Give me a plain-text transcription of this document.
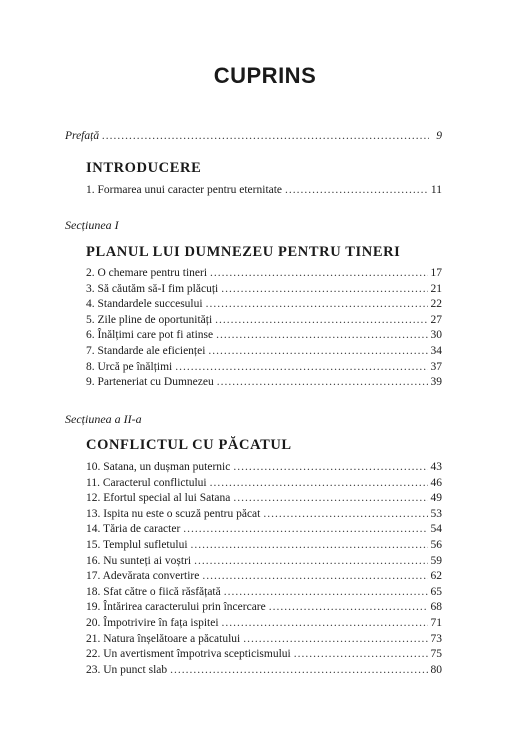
CUPRINS
Prefață .....	9
INTRODUCERE
1. Formarea unui caracter pentru eternitate .....	11
Secțiunea I
PLANUL LUI DUMNEZEU PENTRU TINERI
2. O chemare pentru tineri .....	17
3. Să căutăm să-I fim plăcuți .....	21
4. Standardele succesului .....	22
5. Zile pline de oportunități .....	27
6. Înălțimi care pot fi atinse .....	30
7. Standarde ale eficienței .....	34
8. Urcă pe înălțimi .....	37
9. Parteneriat cu Dumnezeu .....	39
Secțiunea a II-a
CONFLICTUL CU PĂCATUL
10. Satana, un dușman puternic .....	43
11. Caracterul conflictului .....	46
12. Efortul special al lui Satana .....	49
13. Ispita nu este o scuză pentru păcat .....	53
14. Tăria de caracter .....	54
15. Templul sufletului .....	56
16. Nu sunteți ai voștri .....	59
17. Adevărata convertire .....	62
18. Sfat către o fiică răsfățată .....	65
19. Întărirea caracterului prin încercare .....	68
20. Împotrivire în fața ispitei .....	71
21. Natura înșelătoare a păcatului .....	73
22. Un avertisment împotriva scepticismului .....	75
23. Un punct slab .....	80
